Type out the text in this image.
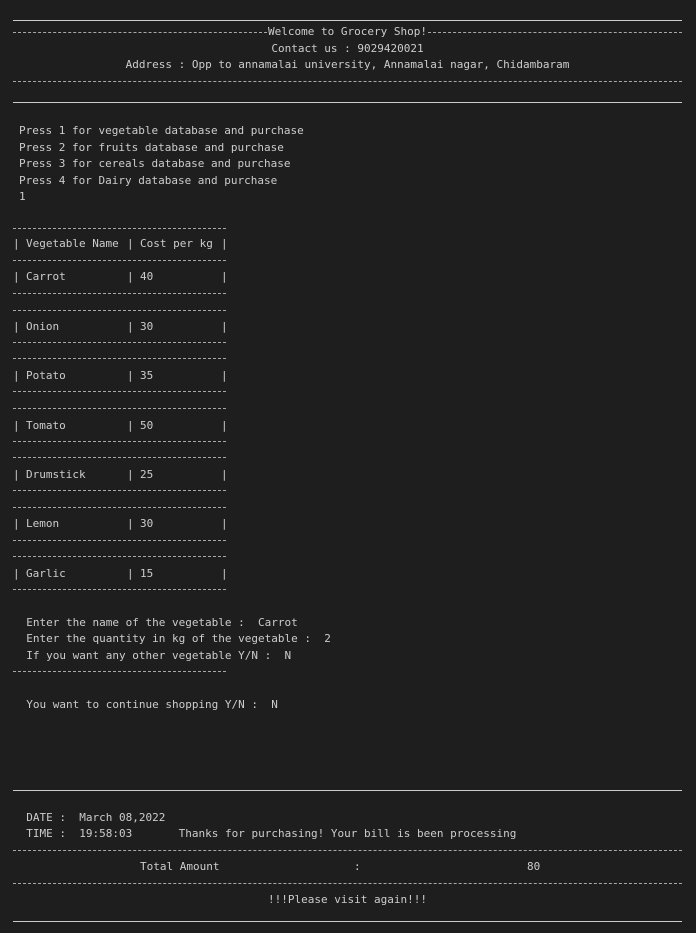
Welcome to Grocery Shop!
Contact us : 9029420021
Address : Opp to annamalai university, Annamalai nagar, Chidambaram
Press 1 for vegetable database and purchase
Press 2 for fruits database and purchase
Press 3 for cereals database and purchase
Press 4 for Dairy database and purchase
1
| Vegetable Name | Cost per kg |
| Carrot	| 40	|
| Onion	| 30	|
| Potato	| 35	|
| Tomato	| 50	|
| Drumstick	| 25	|
| Lemon	| 30	|
| Garlic	| 15	|

Enter the name of the vegetable : Carrot

Enter the quantity in kg of the vegetable : 2

If you want any other vegetable Y/N : N

You want to continue shopping Y/N : N

DATE : March 08,2022

TIME : 19:58:03	Thanks for purchasing! Your bill is been processing
Total Amount	:	80
!!!Please visit again!!!
